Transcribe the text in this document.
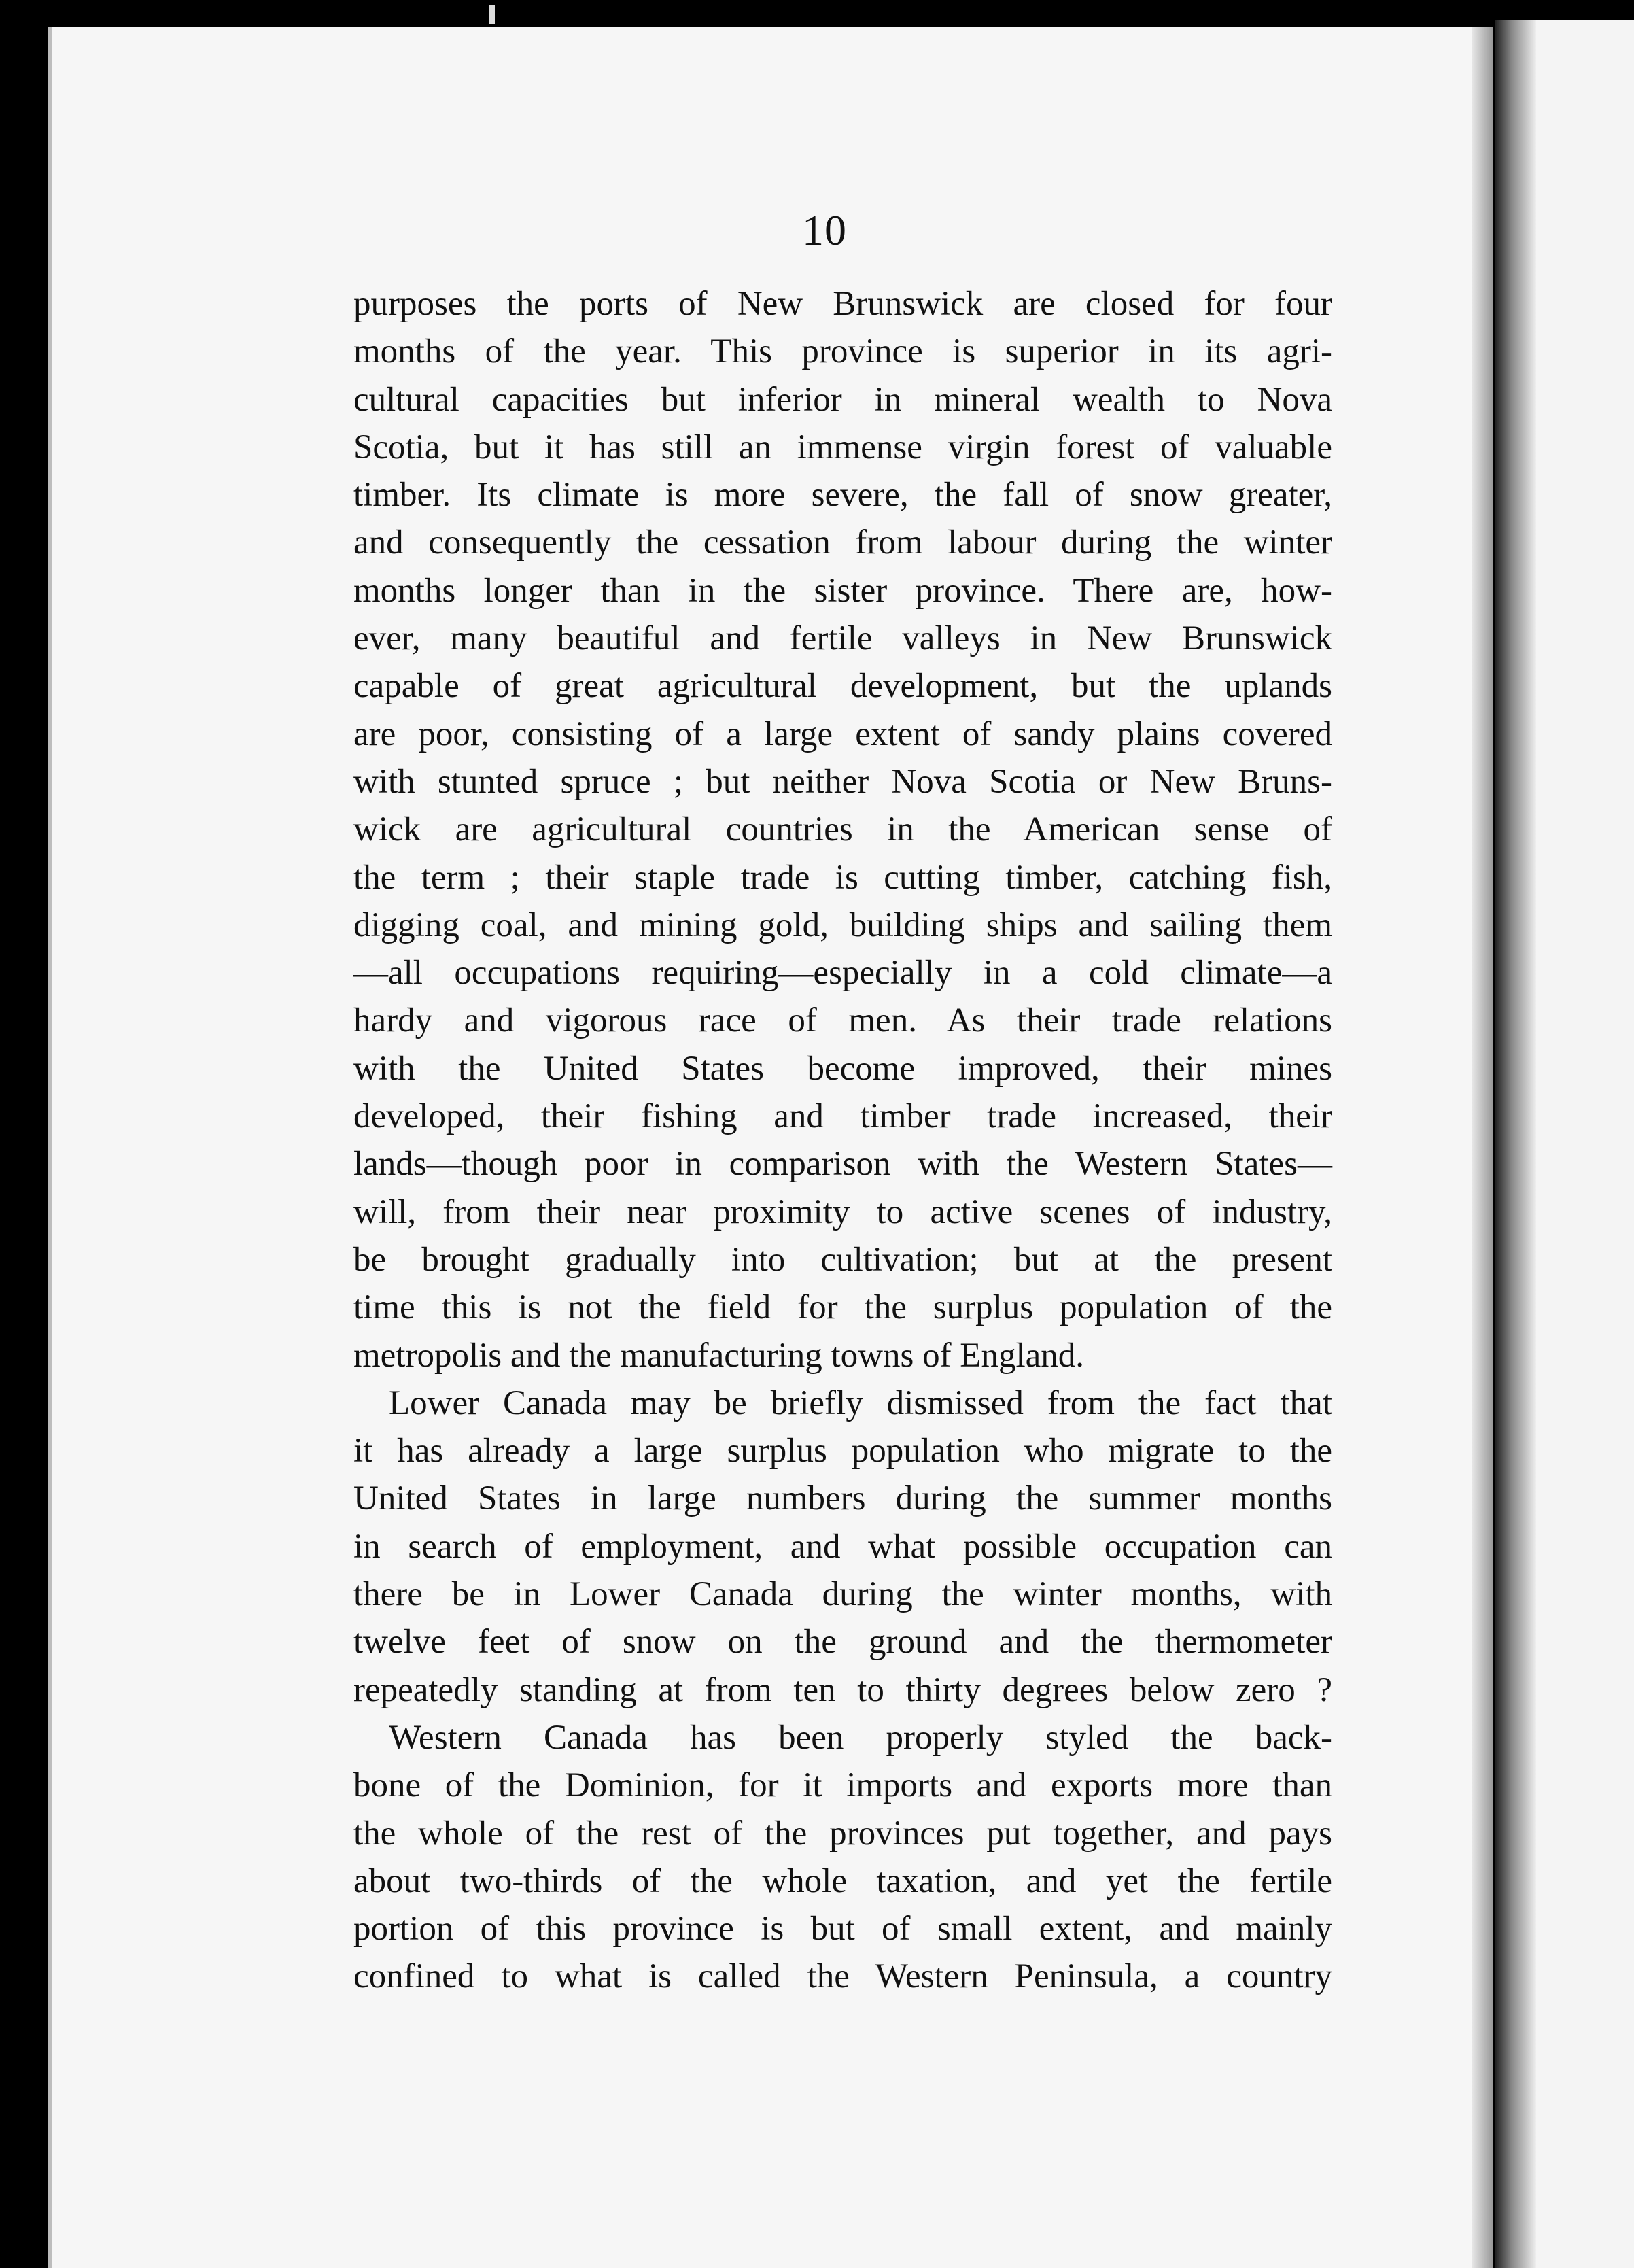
10
purposes the ports of New Brunswick are closed for four
months of the year. This province is superior in its agri-
cultural capacities but inferior in mineral wealth to Nova
Scotia, but it has still an immense virgin forest of valuable
timber. Its climate is more severe, the fall of snow greater,
and consequently the cessation from labour during the winter
months longer than in the sister province. There are, how-
ever, many beautiful and fertile valleys in New Brunswick
capable of great agricultural development, but the uplands
are poor, consisting of a large extent of sandy plains covered
with stunted spruce ; but neither Nova Scotia or New Bruns-
wick are agricultural countries in the American sense of
the term ; their staple trade is cutting timber, catching fish,
digging coal, and mining gold, building ships and sailing them
—all occupations requiring—especially in a cold climate—a
hardy and vigorous race of men. As their trade relations
with the United States become improved, their mines
developed, their fishing and timber trade increased, their
lands—though poor in comparison with the Western States—
will, from their near proximity to active scenes of industry,
be brought gradually into cultivation; but at the present
time this is not the field for the surplus population of the
metropolis and the manufacturing towns of England.
Lower Canada may be briefly dismissed from the fact that
it has already a large surplus population who migrate to the
United States in large numbers during the summer months
in search of employment, and what possible occupation can
there be in Lower Canada during the winter months, with
twelve feet of snow on the ground and the thermometer
repeatedly standing at from ten to thirty degrees below zero ?
Western Canada has been properly styled the back-
bone of the Dominion, for it imports and exports more than
the whole of the rest of the provinces put together, and pays
about two-thirds of the whole taxation, and yet the fertile
portion of this province is but of small extent, and mainly
confined to what is called the Western Peninsula, a country
